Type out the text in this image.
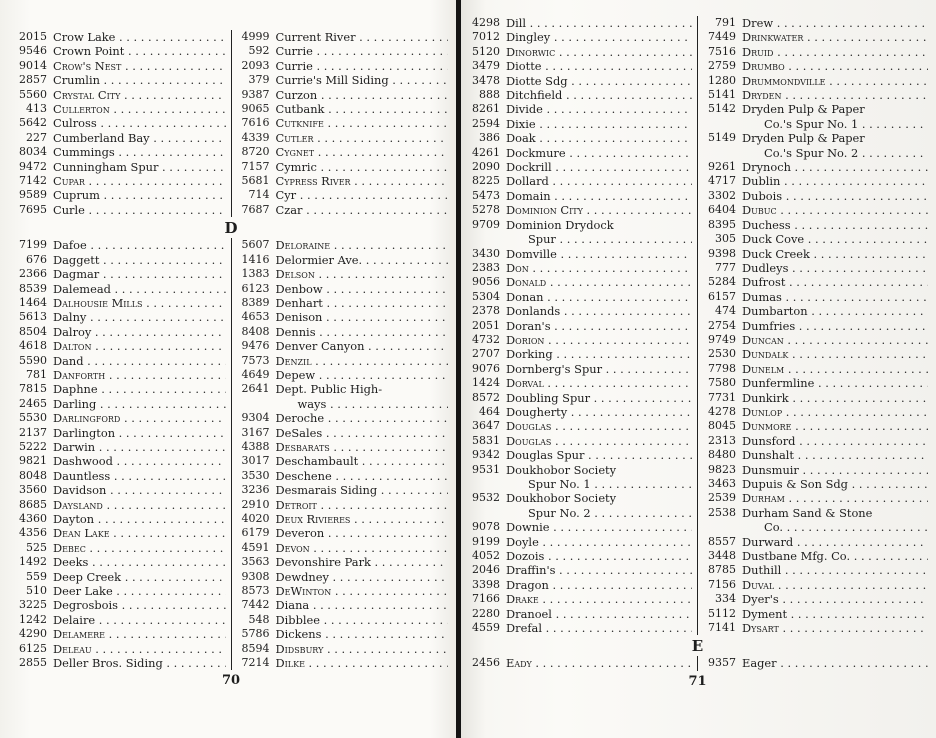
2015 Crow Lake . . .
9546 Crown Point . . .
9014 Crow's Nest . . .
2857 Crumlin . . .
5560 Crystal City . . .
413 Cullerton . . .
5642 Culross . . .
227 Cumberland Bay . . .
8034 Cummings . . .
9472 Cunningham Spur . . .
7142 Cupar . . .
9589 Cuprum . . .
7695 Curle . . .
4999 Current River . . .
592 Currie . . .
2093 Currie . . .
379 Currie's Mill Siding . . .
9387 Curzon . . .
9065 Cutbank . . .
7616 Cutknife . . .
4339 Cutler . . .
8720 Cygnet . . .
7157 Cymric . . .
5681 Cypress River . . .
714 Cyr . . .
7687 Czar . . .
D
7199 Dafoe . . .
676 Daggett . . .
2366 Dagmar . . .
8539 Dalemead . . .
1464 Dalhousie Mills . . .
5613 Dalny . . .
8504 Dalroy . . .
4618 Dalton . . .
5590 Dand . . .
781 Danforth . . .
7815 Daphne . . .
2465 Darling . . .
5530 Darlingford . . .
2137 Darlington . . .
5222 Darwin . . .
9821 Dashwood . . .
8048 Dauntless . . .
3560 Davidson . . .
8685 Daysland . . .
4360 Dayton . . .
4356 Dean Lake . . .
525 Debec . . .
1492 Deeks . . .
559 Deep Creek . . .
510 Deer Lake . . .
3225 Degrosbois . . .
1242 Delaire . . .
4290 Delamere . . .
6125 Deleau . . .
2855 Deller Bros. Siding . . .
5607 Deloraine . . .
1416 Delormier Ave. . . .
1383 Delson . . .
6123 Denbow . . .
8389 Denhart . . .
4653 Denison . . .
8408 Dennis . . .
9476 Denver Canyon . . .
7573 Denzil . . .
4649 Depew . . .
2641 Dept. Public High-
ways . . .
9304 Deroche . . .
3167 DeSales . . .
4388 Desbarats . . .
3017 Deschambault . . .
3530 Deschene . . .
3236 Desmarais Siding . . .
2910 Detroit . . .
4020 Deux Rivieres . . .
6179 Deveron . . .
4591 Devon . . .
3563 Devonshire Park . . .
9308 Dewdney . . .
8573 DeWinton . . .
7442 Diana . . .
548 Dibblee . . .
5786 Dickens . . .
8594 Didsbury . . .
7214 Dilke . . .
70
4298 Dill . . .
7012 Dingley . . .
5120 Dinorwic . . .
3479 Diotte . . .
3478 Diotte Sdg . . .
888 Ditchfield . . .
8261 Divide . . .
2594 Dixie . . .
386 Doak . . .
4261 Dockmure . . .
2090 Dockrill . . .
8225 Dollard . . .
5473 Domain . . .
5278 Dominion City . . .
9709 Dominion Drydock
Spur . . .
3430 Domville . . .
2383 Don . . .
9056 Donald . . .
5304 Donan . . .
2378 Donlands . . .
2051 Doran's . . .
4732 Dorion . . .
2707 Dorking . . .
9076 Dornberg's Spur . . .
1424 Dorval . . .
8572 Doubling Spur . . .
464 Dougherty . . .
3647 Douglas . . .
5831 Douglas . . .
9342 Douglas Spur . . .
9531 Doukhobor Society
Spur No. 1 . . .
9532 Doukhobor Society
Spur No. 2 . . .
9078 Downie . . .
9199 Doyle . . .
4052 Dozois . . .
2046 Draffin's . . .
3398 Dragon . . .
7166 Drake . . .
2280 Dranoel . . .
4559 Drefal . . .
791 Drew . . .
7449 Drinkwater . . .
7516 Druid . . .
2759 Drumbo . . .
1280 Drummondville . . .
5141 Dryden . . .
5142 Dryden Pulp & Paper
Co.'s Spur No. 1 . . .
5149 Dryden Pulp & Paper
Co.'s Spur No. 2 . . .
9261 Drynoch . . .
4717 Dublin . . .
3302 Dubois . . .
6404 Dubuc . . .
8395 Duchess . . .
305 Duck Cove . . .
9398 Duck Creek . . .
777 Dudleys . . .
5284 Dufrost . . .
6157 Dumas . . .
474 Dumbarton . . .
2754 Dumfries . . .
9749 Duncan . . .
2530 Dundalk . . .
7798 Dunelm . . .
7580 Dunfermline . . .
7731 Dunkirk . . .
4278 Dunlop . . .
8045 Dunmore . . .
2313 Dunsford . . .
8480 Dunshalt . . .
9823 Dunsmuir . . .
3463 Dupuis & Son Sdg . . .
2539 Durham . . .
2538 Durham Sand & Stone
Co. . . .
8557 Durward . . .
3448 Dustbane Mfg. Co. . . .
8785 Duthill . . .
7156 Duval . . .
334 Dyer's . . .
5112 Dyment . . .
7141 Dysart . . .
E
2456 Eady . . .	9357 Eager . . .
71
